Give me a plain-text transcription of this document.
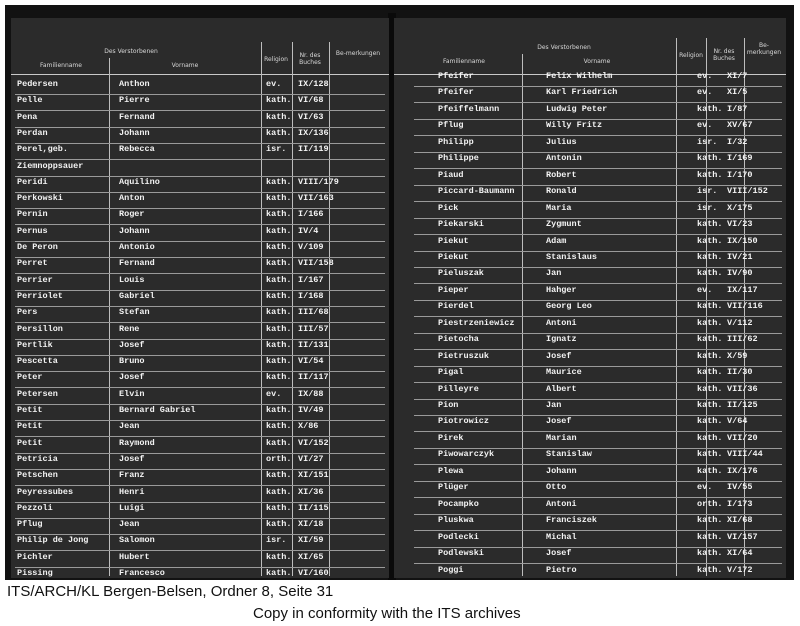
Des Verstorbenen
Familienname	Vorname
Religion
Nr. des Buches
Be-merkungen
Pedersen	Anthon	ev. IX/128
Pelle	Pierre	kath. VI/68
Pena	Fernand	kath. VI/63
Perdan	Johann	kath. IX/136
Perel,geb.	Rebecca	isr. II/119
Ziemnoppsauer
Peridi	Aquilino	kath. VIII/179
Perkowski	Anton	kath. VII/163
Pernin	Roger	kath. I/166
Pernus	Johann	kath. IV/4
De Peron	Antonio	kath. V/109
Perret	Fernand	kath. VII/158
Perrier	Louis	kath. I/167
Perriolet	Gabriel	kath. I/168
Pers	Stefan	kath. III/68
Persillon	Rene	kath. III/57
Pertlik	Josef	kath. II/131
Pescetta	Bruno	kath. VI/54
Peter	Josef	kath. II/117
Petersen	Elvin	ev. IX/88
Petit	Bernard Gabriel	kath. IV/49
Petit	Jean	kath. X/86
Petit	Raymond	kath. VI/152
Petricia	Josef	orth. VI/27
Petschen	Franz	kath. XI/151
Peyressubes	Henri	kath. XI/36
Pezzoli	Luigi	kath. II/115
Pflug	Jean	kath. XI/18
Philip de Jong	Salomon	isr. XI/59
Pichler	Hubert	kath. XI/65
Pissing	Francesco	kath. VI/160
Des Verstorbenen
Familienname	Vorname
Religion
Nr. des Buches
Be-merkungen
Pfeifer	Felix Wilhelm	ev. XI/7
Pfeifer	Karl Friedrich	ev. XI/5
Pfeiffelmann	Ludwig Peter	kath. I/87
Pflug	Willy Fritz	ev. XV/67
Philipp	Julius	isr. I/32
Philippe	Antonin	kath. I/169
Piaud	Robert	kath. I/170
Piccard-Baumann	Ronald	isr. VIII/152
Pick	Maria	isr. X/175
Piekarski	Zygmunt	kath. VI/23
Piekut	Adam	kath. IX/150
Piekut	Stanislaus	kath. IV/21
Pieluszak	Jan	kath. IV/90
Pieper	Hahger	ev. IX/117
Pierdel	Georg Leo	kath. VII/116
Piestrzeniewicz	Antoni	kath. V/112
Pietocha	Ignatz	kath. III/62
Pietruszuk	Josef	kath. X/59
Pigal	Maurice	kath. II/30
Pilleyre	Albert	kath. VII/36
Pion	Jan	kath. II/125
Piotrowicz	Josef	kath. V/64
Pirek	Marian	kath. VII/20
Piwowarczyk	Stanislaw	kath. VIII/44
Plewa	Johann	kath. IX/176
Plüger	Otto	ev. IV/55
Pocampko	Antoni	orth. I/173
Pluskwa	Franciszek	kath. XI/68
Podlecki	Michal	kath. VI/157
Podlewski	Josef	kath. XI/64
Poggi	Pietro	kath. V/172
ITS/ARCH/KL Bergen-Belsen, Ordner 8, Seite 31
Copy in conformity with the ITS archives
